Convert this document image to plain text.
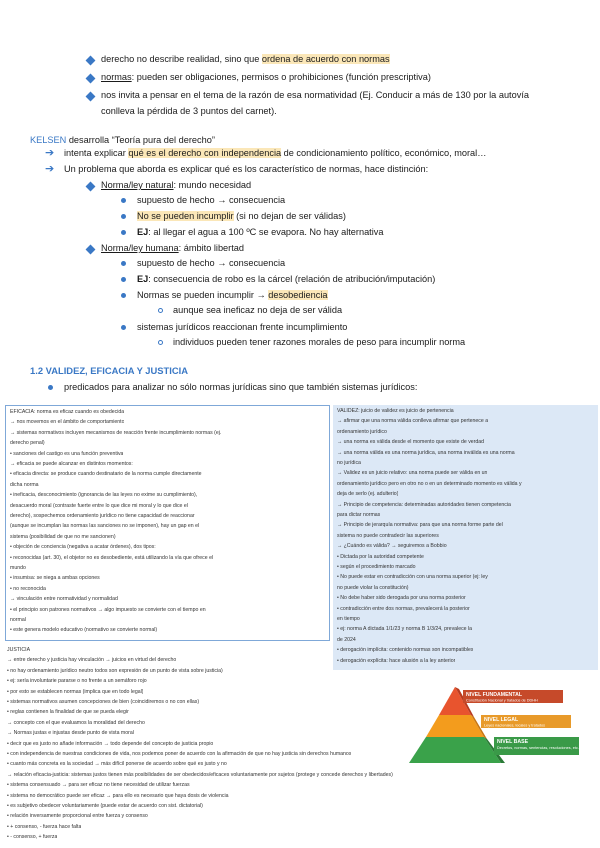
derecho no describe realidad, sino que ordena de acuerdo con normas
normas: pueden ser obligaciones, permisos o prohibiciones (función prescriptiva)
nos invita a pensar en el tema de la razón de esa normatividad (Ej. Conducir a más de 130 por la autovía
conlleva la pérdida de 3 puntos del carnet).
KELSEN desarrolla “Teoría pura del derecho”
➔ intenta explicar qué es el derecho con independencia de condicionamiento político, económico, moral…
➔ Un problema que aborda es explicar qué es los característico de normas, hace distinción:
Norma/ley natural: mundo necesidad
supuesto de hecho → consecuencia
No se pueden incumplir (si no dejan de ser válidas)
EJ: al llegar el agua a 100 ºC se evapora. No hay alternativa
Norma/ley humana: ámbito libertad
supuesto de hecho → consecuencia
EJ: consecuencia de robo es la cárcel (relación de atribución/imputación)
Normas se pueden incumplir → desobediencia
aunque sea ineficaz no deja de ser válida
sistemas jurídicos reaccionan frente incumplimiento
individuos pueden tener razones morales de peso para incumplir norma
1.2 VALIDEZ, EFICACIA Y JUSTICIA
predicados para analizar no sólo normas jurídicas sino que también sistemas jurídicos:
EFICACIA: norma es eficaz cuando es obedecida
→ nos movemos en el ámbito de comportamiento
→ sistemas normativos incluyen mecanismos de reacción frente incumplimiento normas (ej.
derecho penal)
• sanciones del castigo es una función preventiva
→ eficacia se puede alcanzar en distintos momentos:
• eficacia directa: se produce cuando destinatario de la norma cumple directamente
dicha norma
• ineficacia, desconocimiento (ignorancia de las leyes no exime su cumplimiento),
desacuerdo moral (contraste fuerte entre lo que dice mi moral y lo que dice el
derecho), sospechemos ordenamiento jurídico no tiene capacidad de reaccionar
(aunque se incumplan las normas las sanciones no se imponen), hay un gap en el
sistema (posibilidad de que no me sancionen)
• objeción de conciencia (negativa a acatar órdenes), dos tipos:
• reconocidas (art. 30), el objetor no es desobediente, está utilizando la vía que ofrece el
mundo
• insumisa: se niega a ambas opciones
• no reconocida
→ vinculación entre normatividad y normalidad
• el principio son patrones normativos → algo impuesto se convierte con el tiempo en
normal
• este genera modelo educativo (normativo se convierte normal)
VALIDEZ: juicio de validez es juicio de pertenencia
→ afirmar que una norma válida conlleva afirmar que pertenece a
ordenamiento jurídico
→ una norma es válida desde el momento que existe de verdad
→ una norma válida es una norma jurídica, una norma inválida es una norma
no jurídica
→ Validez es un juicio relativo: una norma puede ser válida en un
ordenamiento jurídico pero en otro no o en un determinado momento es válida y
deja de serlo (ej. adulterio)
→ Principio de competencia: determinadas autoridades tienen competencia
para dictar normas
→ Principio de jerarquía normativa: para que una norma forme parte del
sistema no puede contradecir las superiores
→ ¿Cuándo es válida? → seguiremos a Bobbio
• Dictada por la autoridad competente
• según el procedimiento marcado
• No puede estar en contradicción con una norma superior (ej: ley
no puede violar la constitución)
• No debe haber sido derogada por una norma posterior
• contradicción entre dos normas, prevalecerá la posterior
en tiempo
• ej: norma A dictada 1/1/23 y norma B 1/3/24, prevalece la
de 2024
• derogación implícita: contenido normas son incompatibles
• derogación explícita: hace alusión a la ley anterior
JUSTICIA
→ entre derecho y justicia hay vinculación → juicios en virtud del derecho
• no hay ordenamiento jurídico neutro todos son expresión de un punto de vista sobre justicia)
• ej: sería involuntarie pararse o no frente a un semáforo rojo
• por esto se establecen normas (implica que en todo legal)
• sistemas normativos asumen concepciones de bien (coincidiremos o no con ellas)
• reglas contienen la finalidad de que se pueda elegir
→ concepto con el que evaluamos la moralidad del derecho
→ Normas justas e injustas desde punto de vista moral
• decir que es justo no añade información → todo depende del concepto de justicia propio
• con independencia de nuestras condiciones de vida, nos podemos poner de acuerdo con la afirmación de que no hay justicia sin derechos humanos
• cuanto más concreta es la sociedad → más difícil ponerse de acuerdo sobre qué es justo y no
→ relación eficacia-justicia: sistemas justos tienen más posibilidades de ser obedecidos/eficaces voluntariamente por sujetos (protege y concede derechos y libertades)
• sistema consensuado → para ser eficaz no tiene necesidad de utilizar fuerzas
• sistema no democrático puede ser eficaz → para ello es necesario que haya dosis de violencia
• es subjetivo obedecer voluntariamente (puede estar de acuerdo con sist. dictatorial)
• relación inversamente proporcional entre fuerza y consenso
• + consenso, - fuerza hace falta
• - consenso, + fuerza
NIVEL FUNDAMENTAL
Constitución Nacional y tratados de DDHH
NIVEL LEGAL
Leyes nacionales, locales y tratados
NIVEL BASE
Decretos, normas, sentencias, resoluciones, etc.
